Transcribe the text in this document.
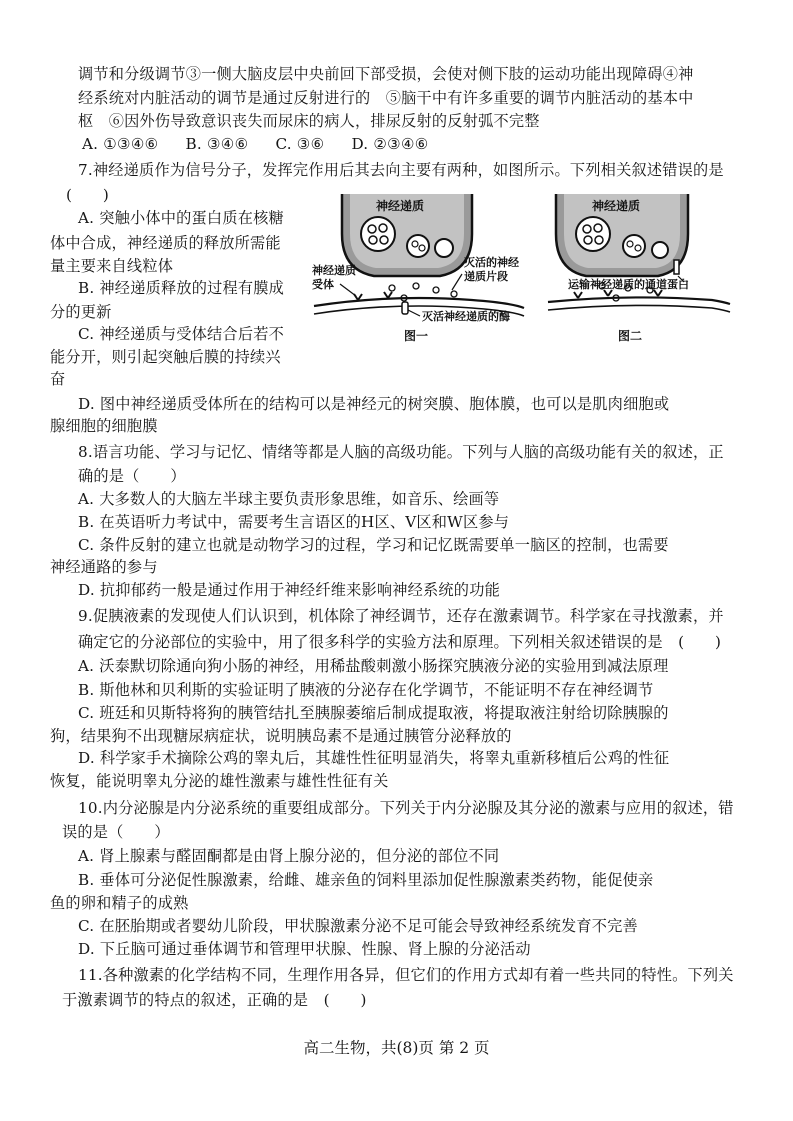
调节和分级调节③一侧大脑皮层中央前回下部受损，会使对侧下肢的运动功能出现障碍④神
经系统对内脏活动的调节是通过反射进行的　⑤脑干中有许多重要的调节内脏活动的基本中
枢　⑥因外伤导致意识丧失而尿床的病人，排尿反射的反射弧不完整
A. ①③④⑥ B. ③④⑥ C. ③⑥ D. ②③④⑥
7.神经递质作为信号分子，发挥完作用后其去向主要有两种，如图所示。下列相关叙述错误的是
(　　)
A. 突触小体中的蛋白质在核糖
体中合成，神经递质的释放所需能
量主要来自线粒体
B. 神经递质释放的过程有膜成
分的更新
C. 神经递质与受体结合后若不
能分开，则引起突触后膜的持续兴
奋
D. 图中神经递质受体所在的结构可以是神经元的树突膜、胞体膜，也可以是肌肉细胞或
腺细胞的细胞膜
神经递质
神经递质
受体
灭活的神经
递质片段
灭活神经递质的酶
图一
神经递质
运输神经递质的通道蛋白
图二
8.语言功能、学习与记忆、情绪等都是人脑的高级功能。下列与人脑的高级功能有关的叙述，正
确的是（　　）
A. 大多数人的大脑左半球主要负责形象思维，如音乐、绘画等
B. 在英语听力考试中，需要考生言语区的H区、V区和W区参与
C. 条件反射的建立也就是动物学习的过程，学习和记忆既需要单一脑区的控制，也需要
神经通路的参与
D. 抗抑郁药一般是通过作用于神经纤维来影响神经系统的功能
9.促胰液素的发现使人们认识到，机体除了神经调节，还存在激素调节。科学家在寻找激素，并
确定它的分泌部位的实验中，用了很多科学的实验方法和原理。下列相关叙述错误的是　(　　)
A. 沃泰默切除通向狗小肠的神经，用稀盐酸刺激小肠探究胰液分泌的实验用到减法原理
B. 斯他林和贝利斯的实验证明了胰液的分泌存在化学调节，不能证明不存在神经调节
C. 班廷和贝斯特将狗的胰管结扎至胰腺萎缩后制成提取液，将提取液注射给切除胰腺的
狗，结果狗不出现糖尿病症状，说明胰岛素不是通过胰管分泌释放的
D. 科学家手术摘除公鸡的睾丸后，其雄性性征明显消失，将睾丸重新移植后公鸡的性征
恢复，能说明睾丸分泌的雄性激素与雄性性征有关
10.内分泌腺是内分泌系统的重要组成部分。下列关于内分泌腺及其分泌的激素与应用的叙述，错
误的是（　　）
A. 肾上腺素与醛固酮都是由肾上腺分泌的，但分泌的部位不同
B. 垂体可分泌促性腺激素，给雌、雄亲鱼的饲料里添加促性腺激素类药物，能促使亲
鱼的卵和精子的成熟
C. 在胚胎期或者婴幼儿阶段，甲状腺激素分泌不足可能会导致神经系统发育不完善
D. 下丘脑可通过垂体调节和管理甲状腺、性腺、肾上腺的分泌活动
11.各种激素的化学结构不同，生理作用各异，但它们的作用方式却有着一些共同的特性。下列关
于激素调节的特点的叙述，正确的是　(　　)
高二生物，共(8)页 第 2 页
